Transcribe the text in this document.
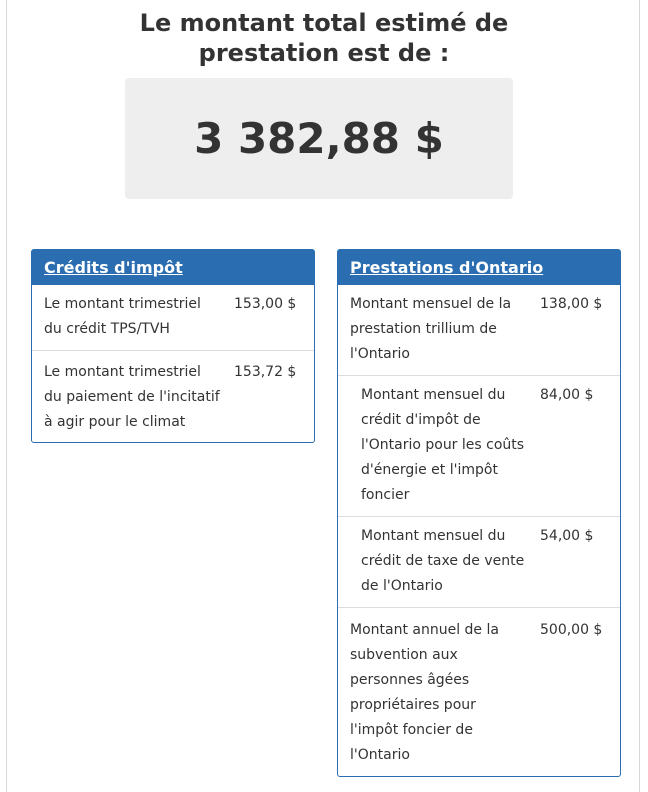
Le montant total estimé de
prestation est de :
3 382,88 $
Crédits d'impôt
Le montant trimestriel du crédit TPS/TVH
153,00 $
Le montant trimestriel du paiement de l'incitatif à agir pour le climat
153,72 $
Prestations d'Ontario
Montant mensuel de la prestation trillium de l'Ontario
138,00 $
Montant mensuel du crédit d'impôt de l'Ontario pour les coûts d'énergie et l'impôt foncier
84,00 $
Montant mensuel du crédit de taxe de vente de l'Ontario
54,00 $
Montant annuel de la subvention aux personnes âgées propriétaires pour l'impôt foncier de l'Ontario
500,00 $
